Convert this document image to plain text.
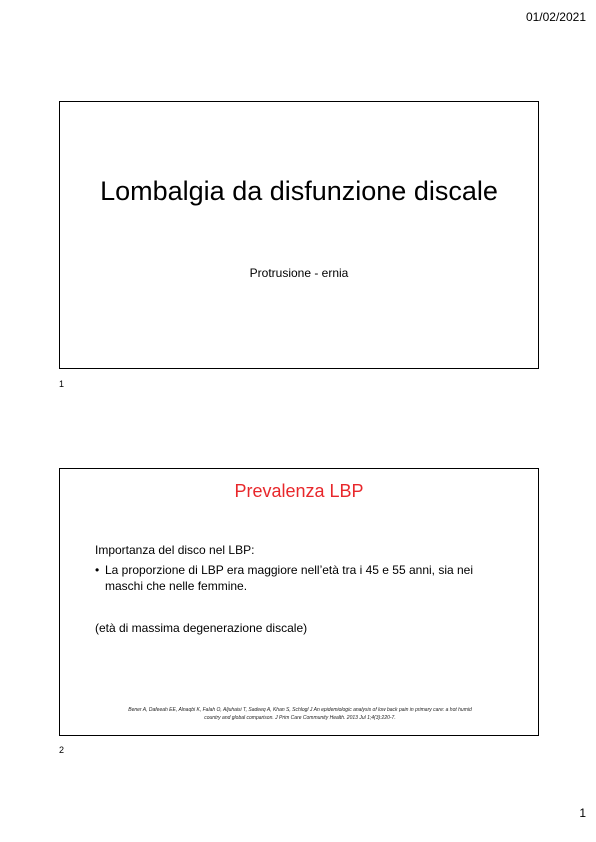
01/02/2021
Lombalgia da disfunzione discale
Protrusione - ernia
1
Prevalenza LBP
Importanza del disco nel LBP:
• La proporzione di LBP era maggiore nell’età tra i 45 e 55 anni, sia nei maschi che nelle femmine.
(età di massima degenerazione discale)
Bener A, Dafeeah EE, Alnaqbi K, Falah O, Aljuhaisi T, Sadeeq A, Khan S, Schlogl J An epidemiologic analysis of low back pain in primary care: a hot humid country and global comparison. J Prim Care Community Health. 2013 Jul 1;4(3):220-7.
2
1
